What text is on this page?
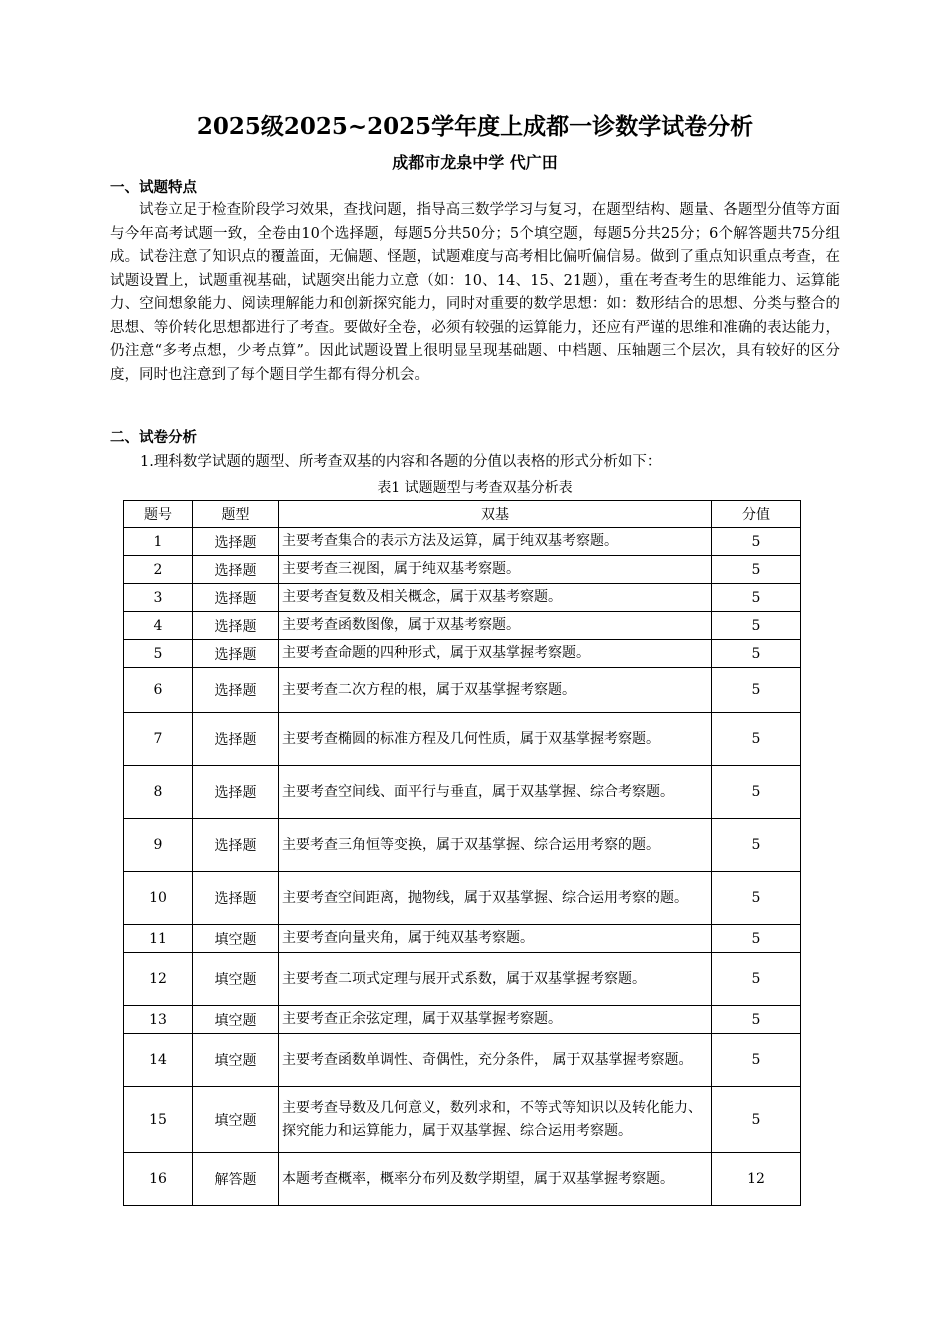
2025级2025~2025学年度上成都一诊数学试卷分析
成都市龙泉中学 代广田
一、试题特点
试卷立足于检查阶段学习效果，查找问题，指导高三数学学习与复习，在题型结构、题量、各题型分值等方面与今年高考试题一致，全卷由10个选择题，每题5分共50分；5个填空题，每题5分共25分；6个解答题共75分组成。试卷注意了知识点的覆盖面，无偏题、怪题，试题难度与高考相比偏听偏信易。做到了重点知识重点考查，在试题设置上，试题重视基础，试题突出能力立意（如：10、14、15、21题），重在考查考生的思维能力、运算能力、空间想象能力、阅读理解能力和创新探究能力，同时对重要的数学思想：如：数形结合的思想、分类与整合的思想、等价转化思想都进行了考查。要做好全卷，必须有较强的运算能力，还应有严谨的思维和准确的表达能力，仍注意“多考点想，少考点算”。因此试题设置上很明显呈现基础题、中档题、压轴题三个层次，具有较好的区分度，同时也注意到了每个题目学生都有得分机会。
二、试卷分析
1.理科数学试题的题型、所考查双基的内容和各题的分值以表格的形式分析如下：
表1 试题题型与考查双基分析表
题号	题型	双基	分值
1	选择题	主要考查集合的表示方法及运算，属于纯双基考察题。	5
2	选择题	主要考查三视图，属于纯双基考察题。	5
3	选择题	主要考查复数及相关概念，属于双基考察题。	5
4	选择题	主要考查函数图像，属于双基考察题。	5
5	选择题	主要考查命题的四种形式，属于双基掌握考察题。	5
6	选择题	主要考查二次方程的根，属于双基掌握考察题。	5
7	选择题	主要考查椭圆的标准方程及几何性质，属于双基掌握考察题。	5
8	选择题	主要考查空间线、面平行与垂直，属于双基掌握、综合考察题。	5
9	选择题	主要考查三角恒等变换，属于双基掌握、综合运用考察的题。	5
10	选择题	主要考查空间距离，抛物线，属于双基掌握、综合运用考察的题。	5
11	填空题	主要考查向量夹角，属于纯双基考察题。	5
12	填空题	主要考查二项式定理与展开式系数，属于双基掌握考察题。	5
13	填空题	主要考查正余弦定理，属于双基掌握考察题。	5
14	填空题	主要考查函数单调性、奇偶性，充分条件， 属于双基掌握考察题。	5
15	填空题	主要考查导数及几何意义，数列求和，不等式等知识以及转化能力、探究能力和运算能力，属于双基掌握、综合运用考察题。	5
16	解答题	本题考查概率，概率分布列及数学期望，属于双基掌握考察题。	12
